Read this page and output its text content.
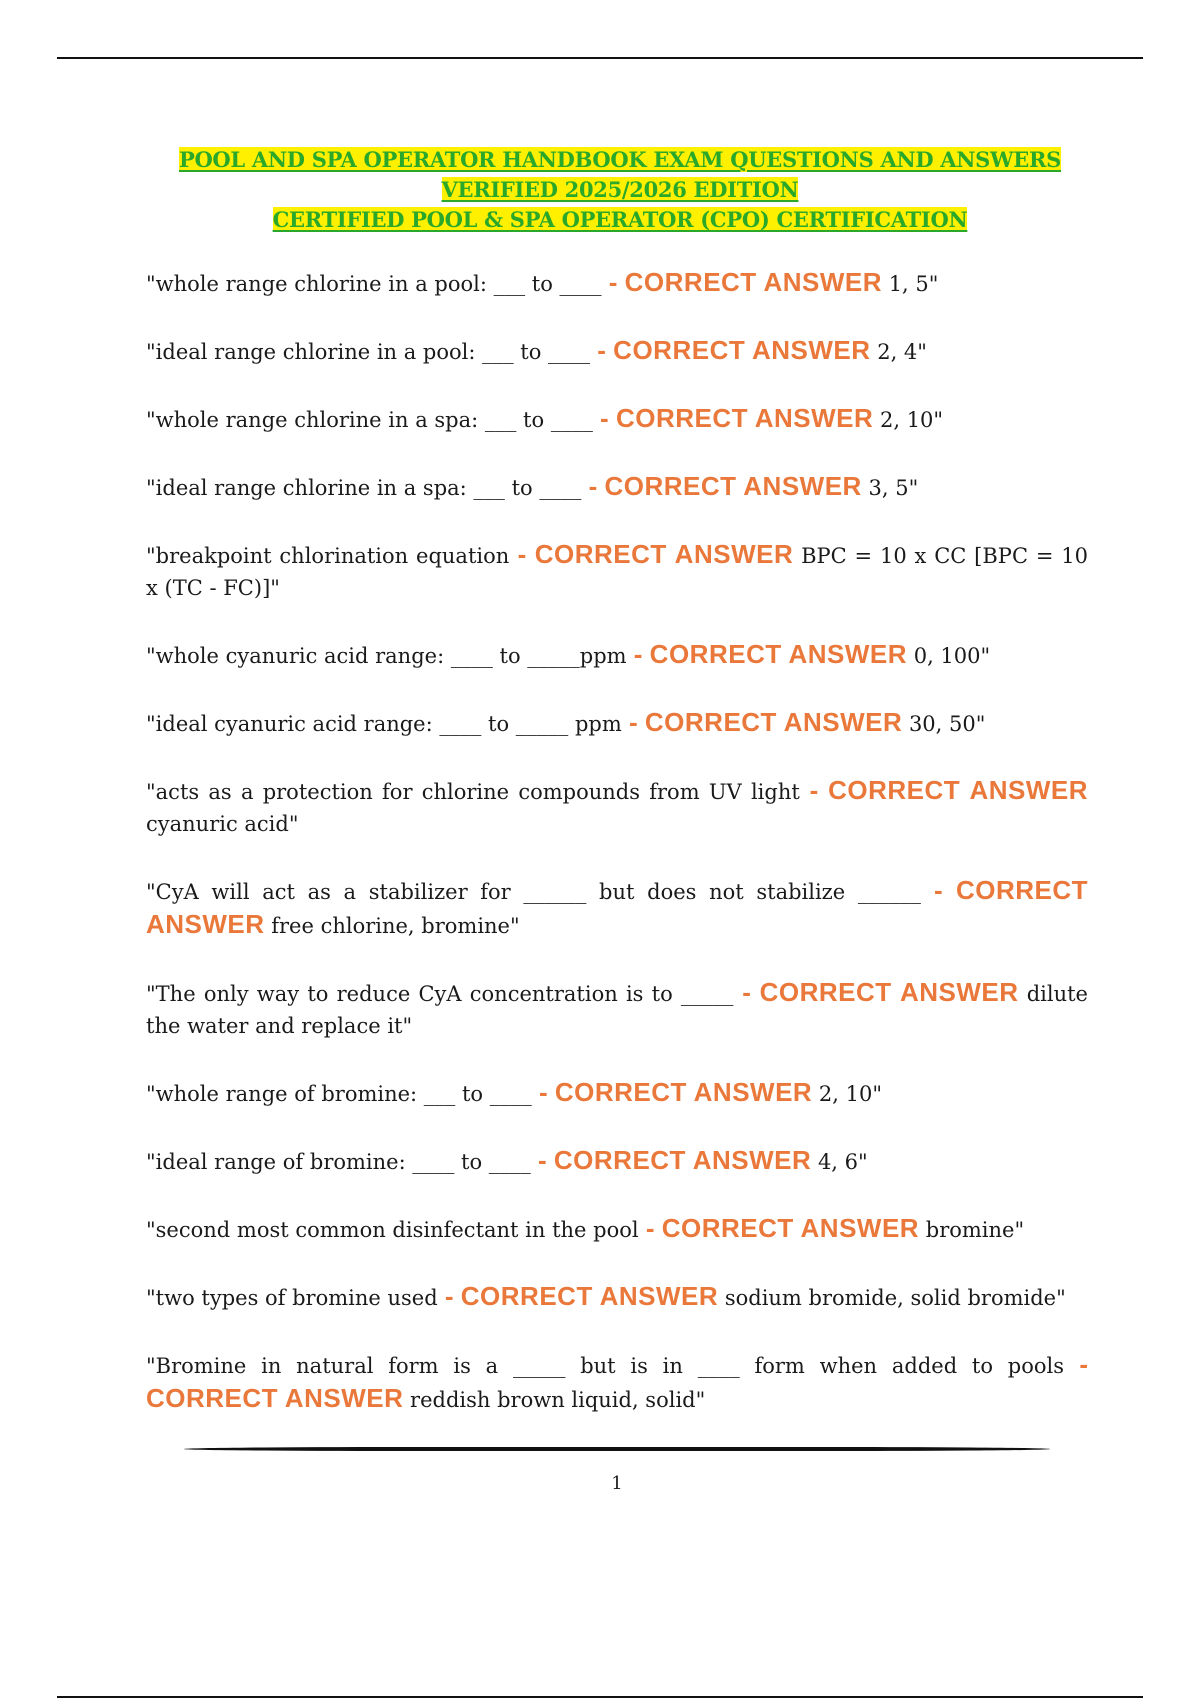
POOL AND SPA OPERATOR HANDBOOK EXAM QUESTIONS AND ANSWERS
VERIFIED 2025/2026 EDITION
CERTIFIED POOL & SPA OPERATOR (CPO) CERTIFICATION

"whole range chlorine in a pool: ___ to ____ - CORRECT ANSWER 1, 5"

"ideal range chlorine in a pool: ___ to ____ - CORRECT ANSWER 2, 4"

"whole range chlorine in a spa: ___ to ____ - CORRECT ANSWER 2, 10"

"ideal range chlorine in a spa: ___ to ____ - CORRECT ANSWER 3, 5"

"breakpoint chlorination equation - CORRECT ANSWER BPC = 10 x CC [BPC = 10 x (TC - FC)]"

"whole cyanuric acid range: ____ to _____ppm - CORRECT ANSWER 0, 100"

"ideal cyanuric acid range: ____ to _____ ppm - CORRECT ANSWER 30, 50"

"acts as a protection for chlorine compounds from UV light - CORRECT ANSWER cyanuric acid"

"CyA will act as a stabilizer for ______ but does not stabilize ______ - CORRECT ANSWER free chlorine, bromine"

"The only way to reduce CyA concentration is to _____ - CORRECT ANSWER dilute the water and replace it"

"whole range of bromine: ___ to ____ - CORRECT ANSWER 2, 10"

"ideal range of bromine: ____ to ____ - CORRECT ANSWER 4, 6"

"second most common disinfectant in the pool - CORRECT ANSWER bromine"

"two types of bromine used - CORRECT ANSWER sodium bromide, solid bromide"

"Bromine in natural form is a _____ but is in ____ form when added to pools - CORRECT ANSWER reddish brown liquid, solid"

1
